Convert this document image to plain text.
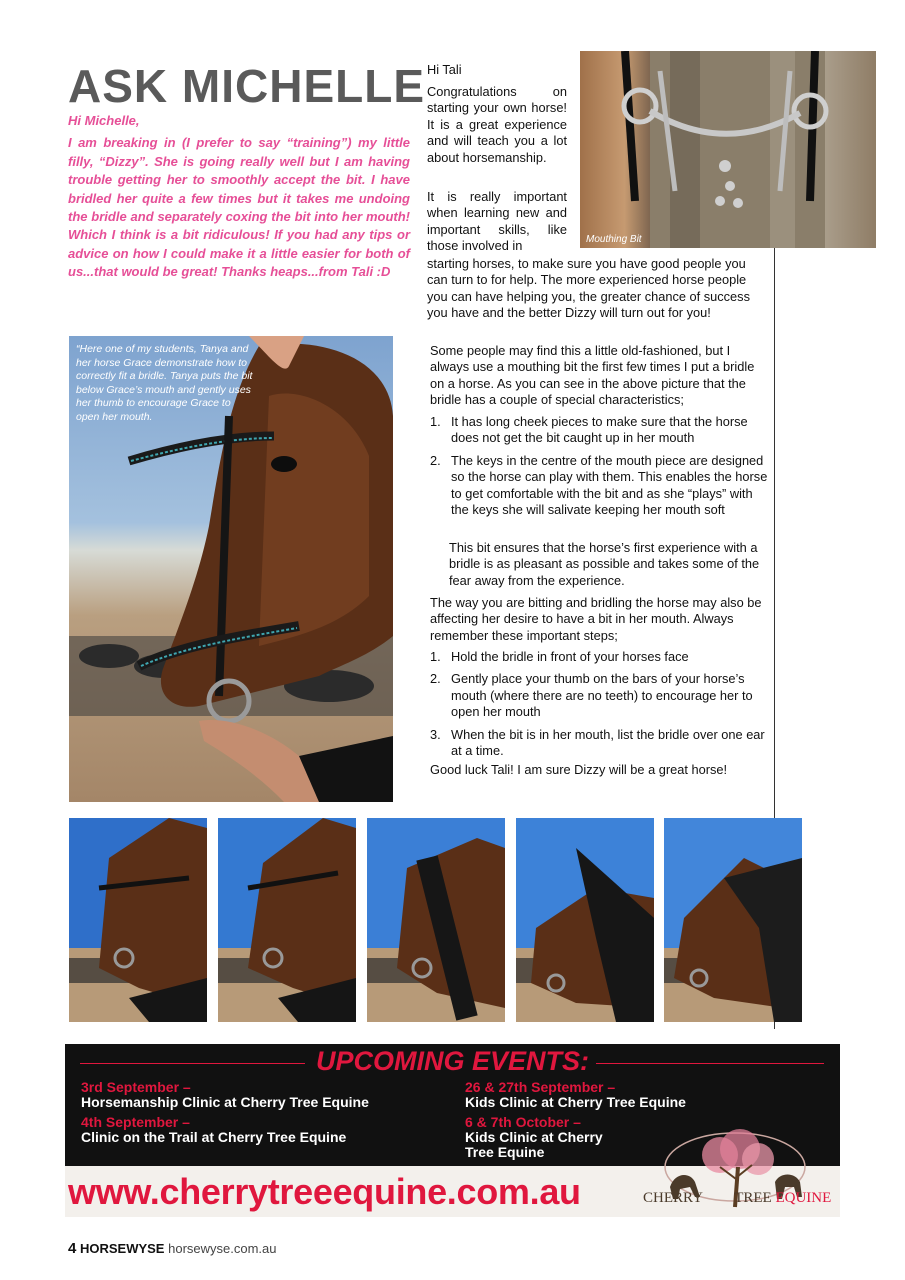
ASK MICHELLE

Hi Michelle,

I am breaking in (I prefer to say “training”) my little filly, “Dizzy”. She is going really well but I am having trouble getting her to smoothly accept the bit. I have bridled her quite a few times but it takes me undoing the bridle and separately coxing the bit into her mouth! Which I think is a bit ridiculous! If you had any tips or advice on how I could make it a little easier for both of us...that would be great! Thanks heaps...from Tali :D

“Here one of my students, Tanya and her horse Grace demonstrate how to correctly fit a bridle. Tanya puts the bit below Grace’s mouth and gently uses her thumb to encourage Grace to open her mouth.
Mouthing Bit

Hi Tali

Congratulations on starting your own horse! It is a great experience and will teach you a lot about horsemanship.

It is really important when learning new and important skills, like those involved in

starting horses, to make sure you have good people you can turn to for help. The more experienced horse people you can have helping you, the greater chance of success you have and the better Dizzy will turn out for you!

Some people may find this a little old-fashioned, but I always use a mouthing bit the first few times I put a bridle on a horse. As you can see in the above picture that the bridle has a couple of special characteristics;

1. It has long cheek pieces to make sure that the horse does not get the bit caught up in her mouth
2. The keys in the centre of the mouth piece are designed so the horse can play with them. This enables the horse to get comfortable with the bit and as she “plays” with the keys she will salivate keeping her mouth soft

This bit ensures that the horse’s first experience with a bridle is as pleasant as possible and takes some of the fear away from the experience.

The way you are bitting and bridling the horse may also be affecting her desire to have a bit in her mouth. Always remember these important steps;

1. Hold the bridle in front of your horses face
2. Gently place your thumb on the bars of your horse’s mouth (where there are no teeth) to encourage her to open her mouth
3. When the bit is in her mouth, list the bridle over one ear at a time.

Good luck Tali! I am sure Dizzy will be a great horse!

UPCOMING EVENTS:
3rd September –
Horsemanship Clinic at Cherry Tree Equine
4th September –
Clinic on the Trail at Cherry Tree Equine
26 & 27th September –
Kids Clinic at Cherry Tree Equine
6 & 7th October –
Kids Clinic at Cherry
Tree Equine
www.cherrytreeequine.com.au	CHERRY TREE EQUINE
4 HORSEWYSE horsewyse.com.au
